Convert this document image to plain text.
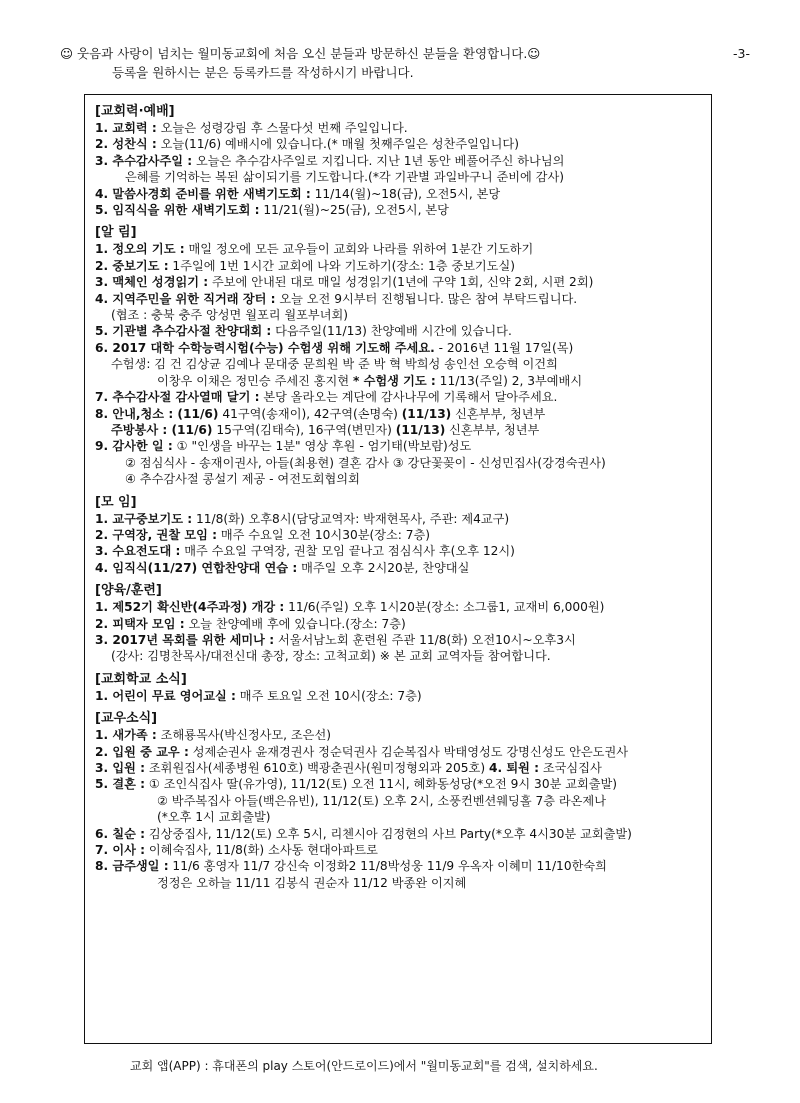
☺ 웃음과 사랑이 넘치는 월미동교회에 처음 오신 분들과 방문하신 분들을 환영합니다.☺	-3-
등록을 원하시는 분은 등록카드를 작성하시기 바랍니다.
[교회력·예배]
1. 교회력 : 오늘은 성령강림 후 스물다섯 번째 주일입니다.
2. 성찬식 : 오늘(11/6) 예배시에 있습니다.(* 매월 첫째주일은 성찬주일입니다)
3. 추수감사주일 : 오늘은 추수감사주일로 지킵니다. 지난 1년 동안 베풀어주신 하나님의
은혜를 기억하는 복된 삶이되기를 기도합니다.(*각 기관별 과일바구니 준비에 감사)
4. 말씀사경회 준비를 위한 새벽기도회 : 11/14(월)~18(금), 오전5시, 본당
5. 임직식을 위한 새벽기도회 : 11/21(월)~25(금), 오전5시, 본당
[알 림]
1. 정오의 기도 : 매일 정오에 모든 교우들이 교회와 나라를 위하여 1분간 기도하기
2. 중보기도 : 1주일에 1번 1시간 교회에 나와 기도하기(장소: 1층 중보기도실)
3. 맥체인 성경읽기 : 주보에 안내된 대로 매일 성경읽기(1년에 구약 1회, 신약 2회, 시편 2회)
4. 지역주민을 위한 직거래 장터 : 오늘 오전 9시부터 진행됩니다. 많은 참여 부탁드립니다.
(협조 : 충북 충주 앙성면 월포리 월포부녀회)
5. 기관별 추수감사절 찬양대회 : 다음주일(11/13) 찬양예배 시간에 있습니다.
6. 2017 대학 수학능력시험(수능) 수험생 위해 기도해 주세요. - 2016년 11월 17일(목)
수험생: 김 건 김상균 김예나 문대중 문희원 박 준 박 혁 박희성 송인선 오승혁 이건희
이창우 이채은 정민승 주세진 홍지현 * 수험생 기도 : 11/13(주일) 2, 3부예배시
7. 추수감사절 감사열매 달기 : 본당 올라오는 계단에 감사나무에 기록해서 달아주세요.
8. 안내,청소 : (11/6) 41구역(송재이), 42구역(손명숙) (11/13) 신혼부부, 청년부
주방봉사 : (11/6) 15구역(김태숙), 16구역(변민자) (11/13) 신혼부부, 청년부
9. 감사한 일 : ① "인생을 바꾸는 1분" 영상 후원 - 엄기태(박보람)성도
② 점심식사 - 송재이권사, 아들(최용현) 결혼 감사 ③ 강단꽃꽂이 - 신성민집사(강경숙권사)
④ 추수감사절 콩설기 제공 - 여전도회협의회
[모 임]
1. 교구중보기도 : 11/8(화) 오후8시(담당교역자: 박재현목사, 주관: 제4교구)
2. 구역장, 권찰 모임 : 매주 수요일 오전 10시30분(장소: 7층)
3. 수요전도대 : 매주 수요일 구역장, 권찰 모임 끝나고 점심식사 후(오후 12시)
4. 임직식(11/27) 연합찬양대 연습 : 매주일 오후 2시20분, 찬양대실
[양육/훈련]
1. 제52기 확신반(4주과정) 개강 : 11/6(주일) 오후 1시20분(장소: 소그룹1, 교재비 6,000원)
2. 피택자 모임 : 오늘 찬양예배 후에 있습니다.(장소: 7층)
3. 2017년 목회를 위한 세미나 : 서울서남노회 훈련원 주관 11/8(화) 오전10시~오후3시
(강사: 김명찬목사/대전신대 총장, 장소: 고척교회) ※ 본 교회 교역자들 참여합니다.
[교회학교 소식]
1. 어린이 무료 영어교실 : 매주 토요일 오전 10시(장소: 7층)
[교우소식]
1. 새가족 : 조해룡목사(박신정사모, 조은선)
2. 입원 중 교우 : 성제순권사 윤재경권사 정순덕권사 김순복집사 박태영성도 강명신성도 안은도권사
3. 입원 : 조휘원집사(세종병원 610호) 백광춘권사(원미정형외과 205호) 4. 퇴원 : 조국심집사
5. 결혼 : ① 조인식집사 딸(유가영), 11/12(토) 오전 11시, 혜화동성당(*오전 9시 30분 교회출발)
② 박주복집사 아들(백은유빈), 11/12(토) 오후 2시, 소풍컨벤션웨딩홀 7층 라온제나
(*오후 1시 교회출발)
6. 칠순 : 김상중집사, 11/12(토) 오후 5시, 리첸시아 김정현의 사브 Party(*오후 4시30분 교회출발)
7. 이사 : 이혜숙집사, 11/8(화) 소사동 현대아파트로
8. 금주생일 : 11/6 홍영자 11/7 강신숙 이정화2 11/8박성웅 11/9 우옥자 이혜미 11/10한숙희
정정은 오하늘 11/11 김봉식 권순자 11/12 박종완 이지혜
교회 앱(APP) : 휴대폰의 play 스토어(안드로이드)에서 "월미동교회"를 검색, 설치하세요.
